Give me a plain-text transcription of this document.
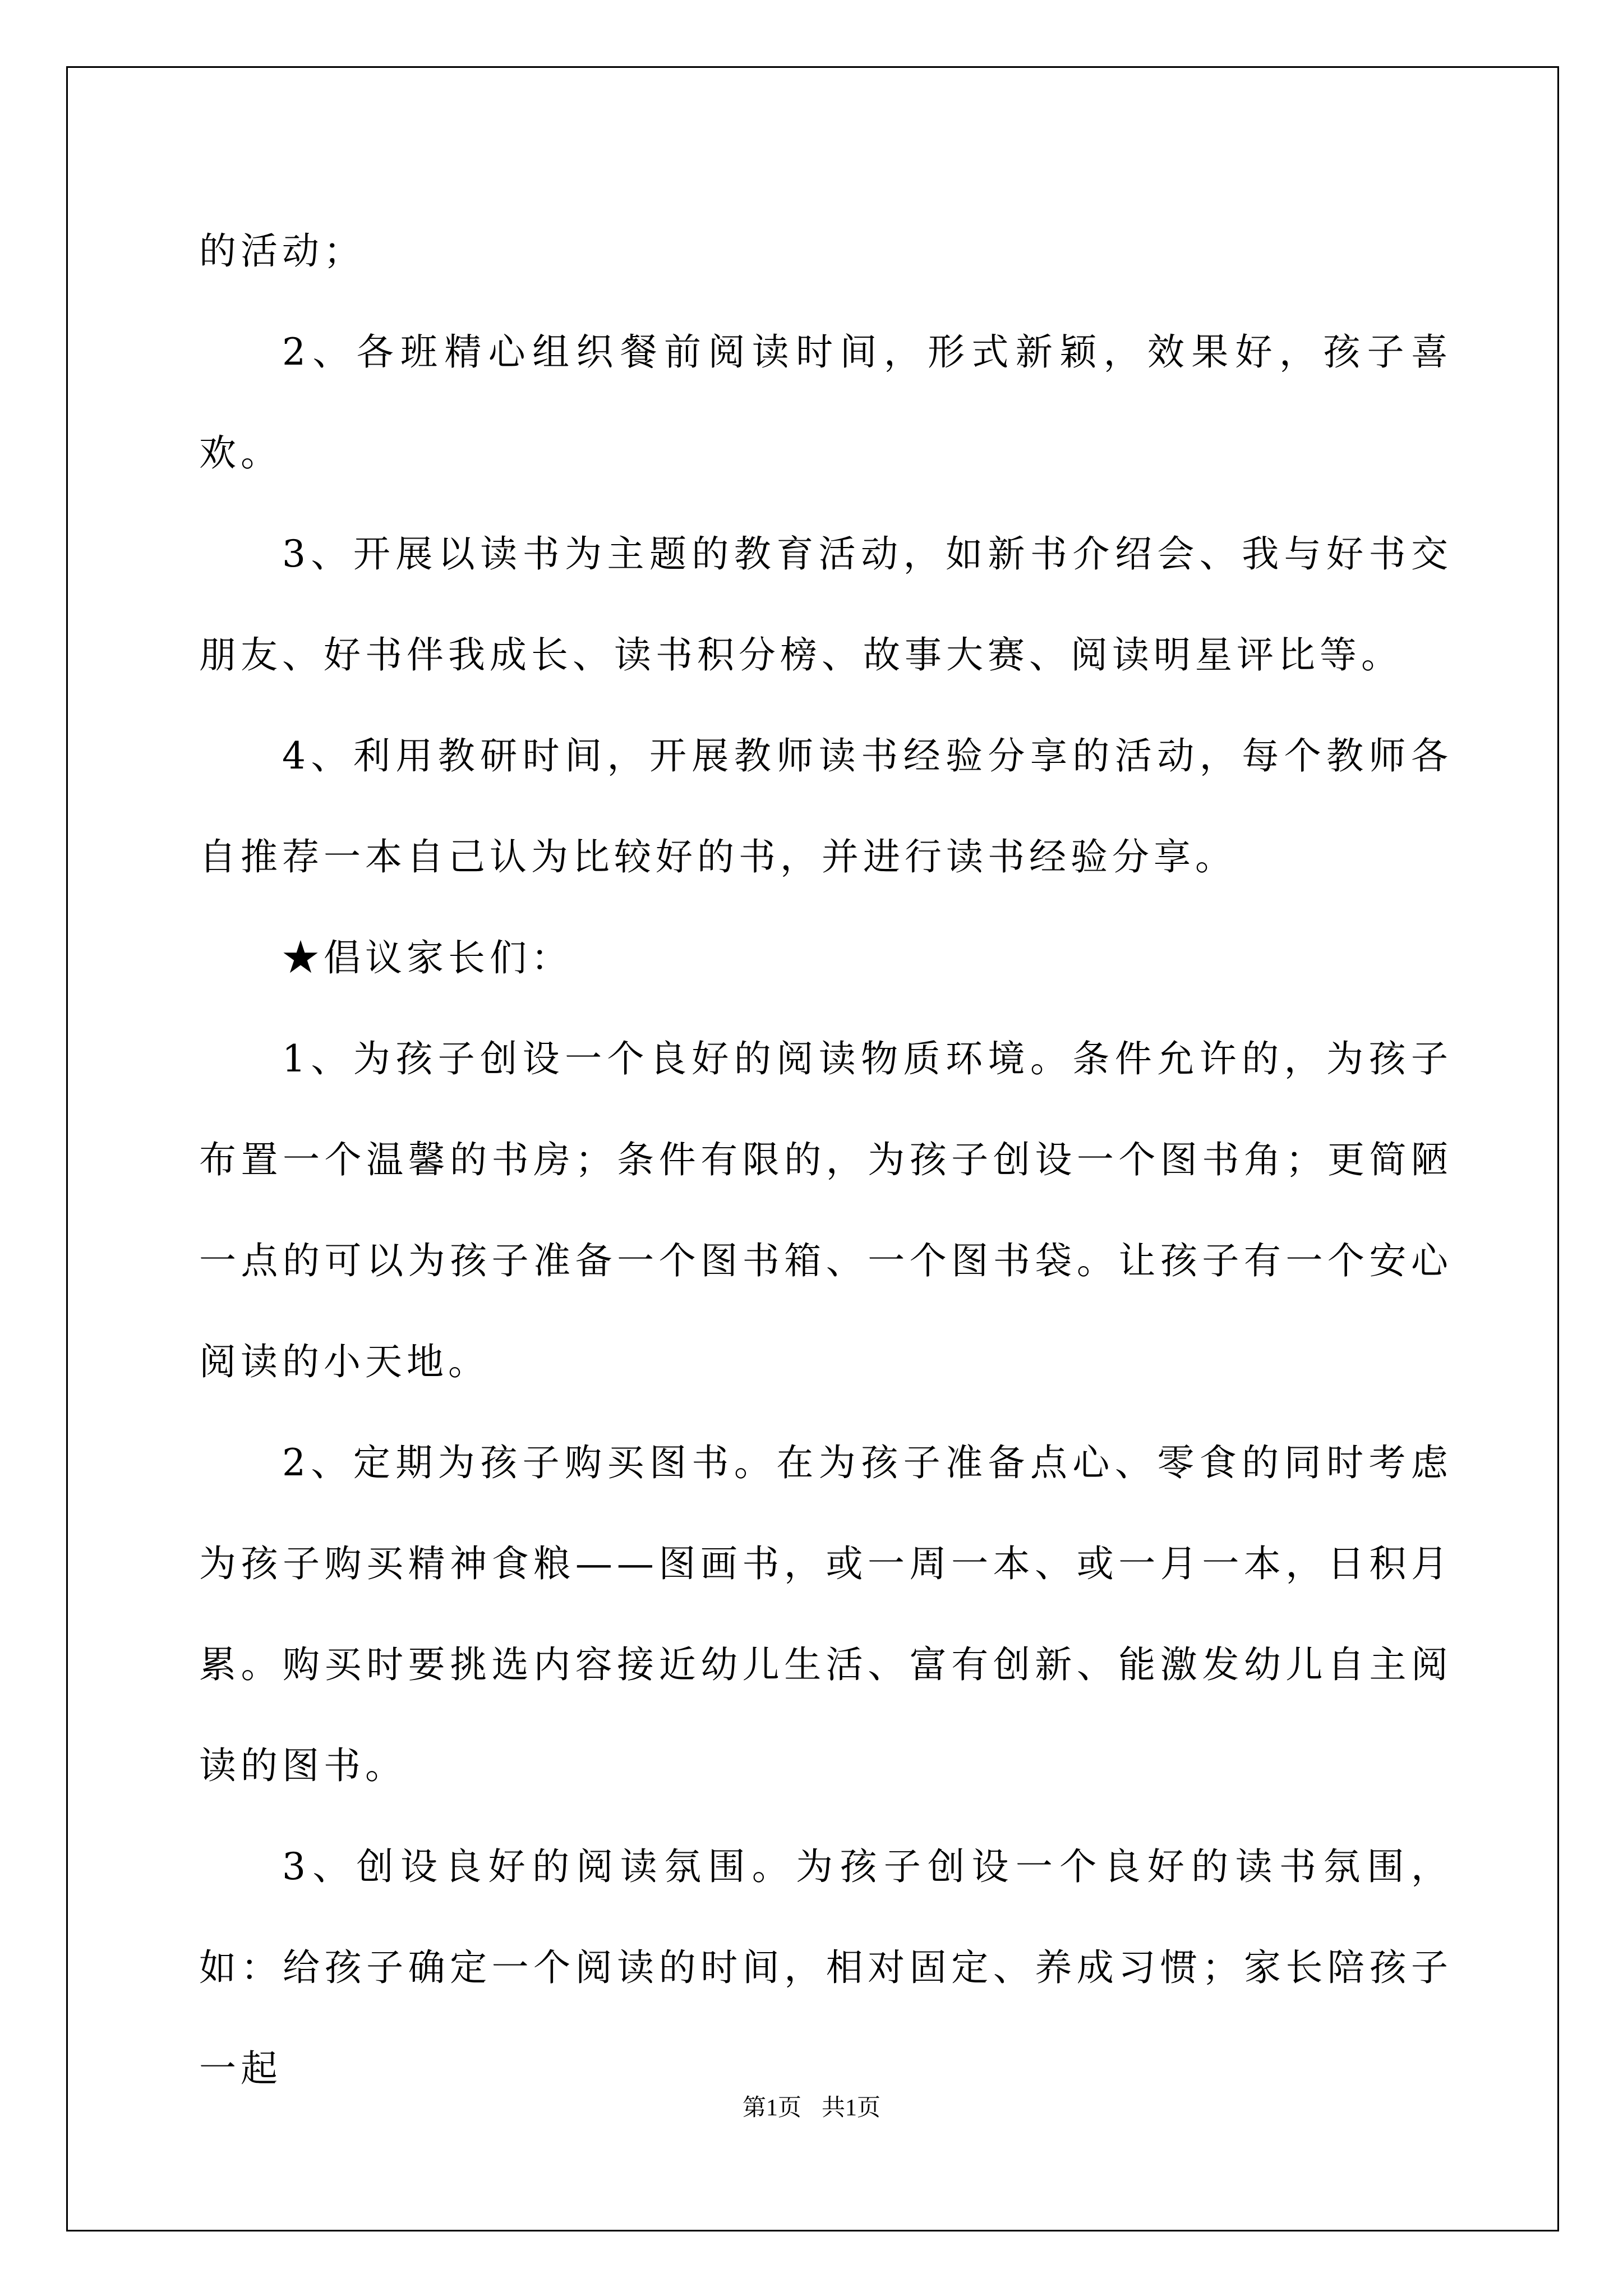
的活动；

2、各班精心组织餐前阅读时间，形式新颖，效果好，孩子喜欢。

3、开展以读书为主题的教育活动，如新书介绍会、我与好书交朋友、好书伴我成长、读书积分榜、故事大赛、阅读明星评比等。

4、利用教研时间，开展教师读书经验分享的活动，每个教师各自推荐一本自己认为比较好的书，并进行读书经验分享。

★倡议家长们：

1、为孩子创设一个良好的阅读物质环境。条件允许的，为孩子布置一个温馨的书房；条件有限的，为孩子创设一个图书角；更简陋一点的可以为孩子准备一个图书箱、一个图书袋。让孩子有一个安心阅读的小天地。

2、定期为孩子购买图书。在为孩子准备点心、零食的同时考虑为孩子购买精神食粮——图画书，或一周一本、或一月一本，日积月累。购买时要挑选内容接近幼儿生活、富有创新、能激发幼儿自主阅读的图书。

3、创设良好的阅读氛围。为孩子创设一个良好的读书氛围，如：给孩子确定一个阅读的时间，相对固定、养成习惯；家长陪孩子一起

第1页 共1页
